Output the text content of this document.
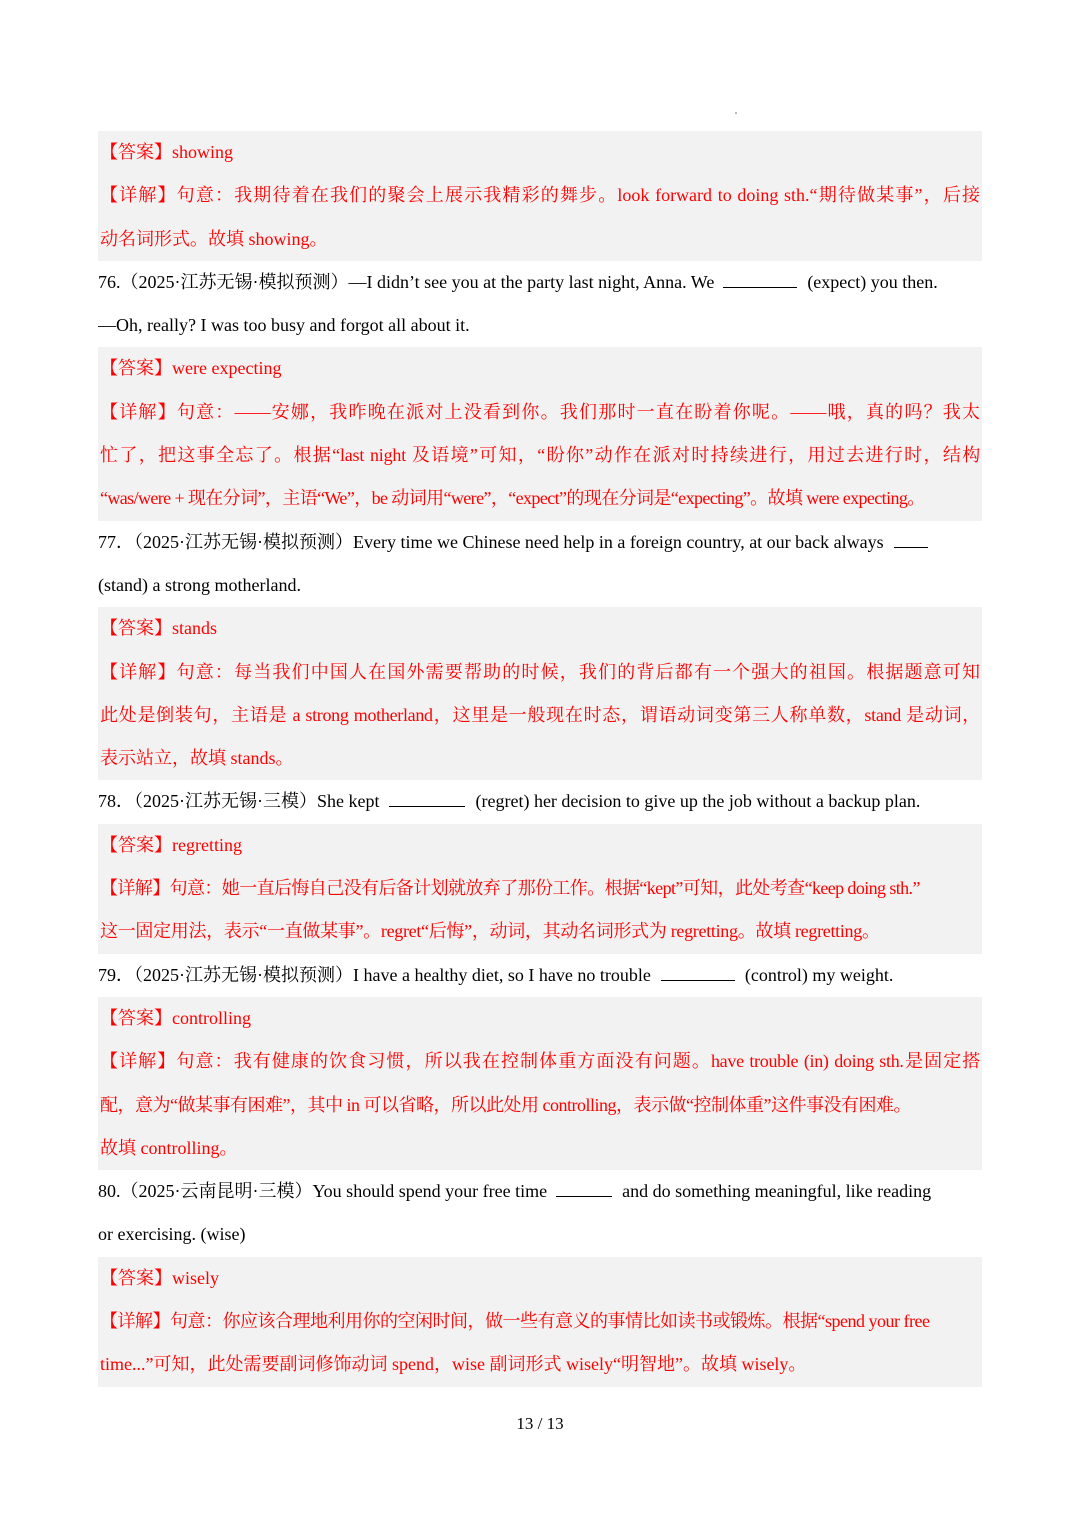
【答案】showing
【详解】句意：我期待着在我们的聚会上展示我精彩的舞步。look forward to doing sth.“期待做某事”，后接
动名词形式。故填 showing。
76.（2025·江苏无锡·模拟预测）—I didn’t see you at the party last night, Anna. We	(expect) you then.
—Oh, really? I was too busy and forgot all about it.
【答案】were expecting
【详解】句意：——安娜，我昨晚在派对上没看到你。我们那时一直在盼着你呢。——哦，真的吗？我太
忙了，把这事全忘了。根据“last night 及语境”可知，“盼你”动作在派对时持续进行，用过去进行时，结构
“was/were + 现在分词”，主语“We”，be 动词用“were”，“expect”的现在分词是“expecting”。故填 were expecting。
77．（2025·江苏无锡·模拟预测）Every time we Chinese need help in a foreign country, at our back always
(stand) a strong motherland.
【答案】stands
【详解】句意：每当我们中国人在国外需要帮助的时候，我们的背后都有一个强大的祖国。根据题意可知
此处是倒装句，主语是 a strong motherland，这里是一般现在时态，谓语动词变第三人称单数，stand 是动词，
表示站立，故填 stands。
78．（2025·江苏无锡·三模）She kept	(regret) her decision to give up the job without a backup plan.
【答案】regretting
【详解】句意：她一直后悔自己没有后备计划就放弃了那份工作。根据“kept”可知，此处考查“keep doing sth.”
这一固定用法，表示“一直做某事”。regret“后悔”，动词，其动名词形式为 regretting。故填 regretting。
79．（2025·江苏无锡·模拟预测）I have a healthy diet, so I have no trouble	(control) my weight.
【答案】controlling
【详解】句意：我有健康的饮食习惯，所以我在控制体重方面没有问题。have trouble (in) doing sth.是固定搭
配，意为“做某事有困难”，其中 in 可以省略，所以此处用 controlling，表示做“控制体重”这件事没有困难。
故填 controlling。
80.（2025·云南昆明·三模）You should spend your free time	and do something meaningful, like reading
or exercising. (wise)
【答案】wisely
【详解】句意：你应该合理地利用你的空闲时间，做一些有意义的事情比如读书或锻炼。根据“spend your free
time...”可知，此处需要副词修饰动词 spend，wise 副词形式 wisely“明智地”。故填 wisely。
13 / 13
